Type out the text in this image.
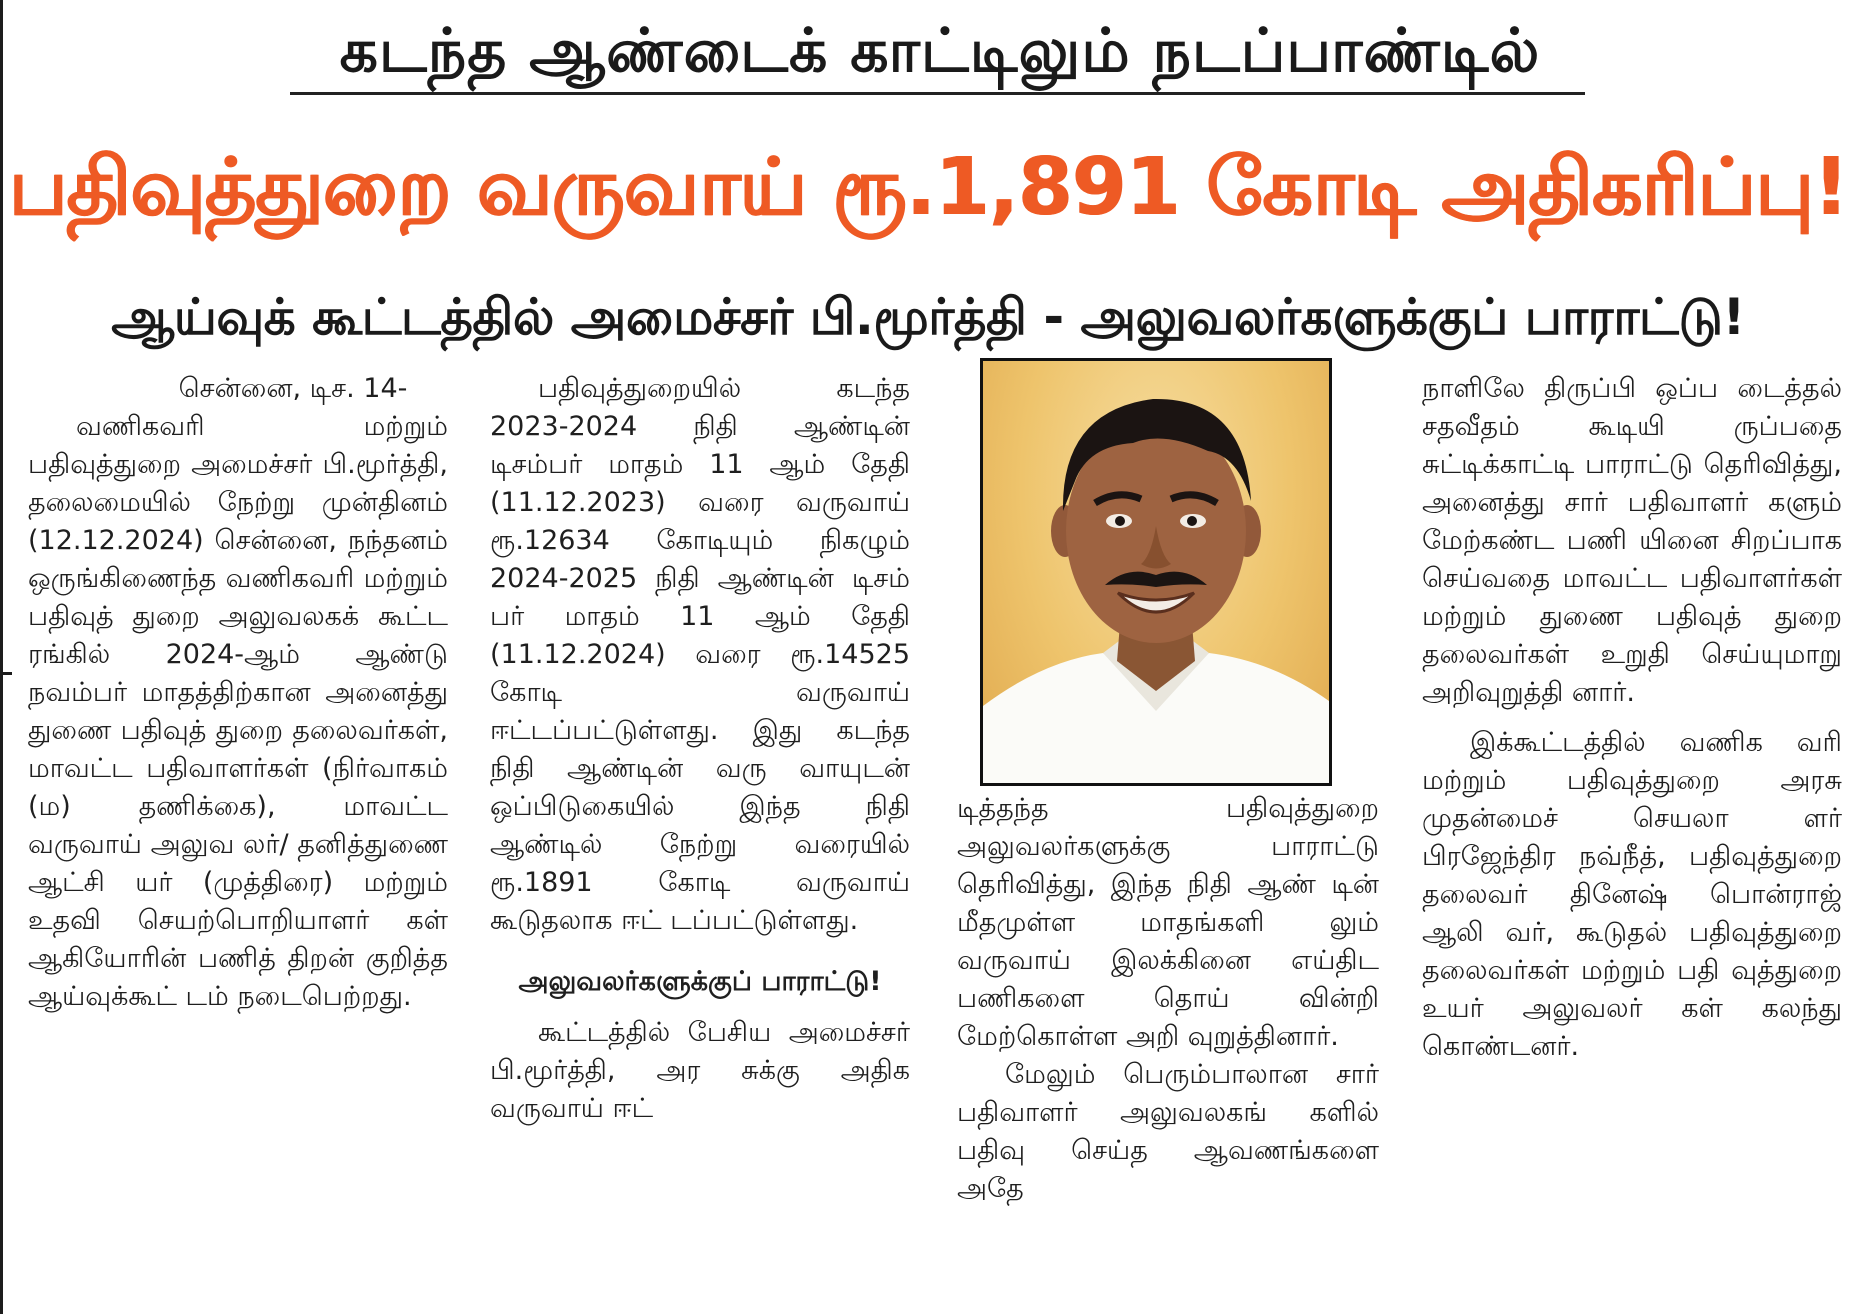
கடந்த ஆண்டைக் காட்டிலும் நடப்பாண்டில்
பதிவுத்துறை வருவாய் ரூ.1,891 கோடி அதிகரிப்பு!
ஆய்வுக் கூட்டத்தில் அமைச்சர் பி.மூர்த்தி - அலுவலர்களுக்குப் பாராட்டு!

சென்னை, டிச. 14-

வணிகவரி மற்றும் பதிவுத்துறை அமைச்சர் பி.மூர்த்தி, தலைமையில் நேற்று முன்தினம் (12.12.2024) சென்னை, நந்தனம் ஒருங்கிணைந்த வணிகவரி மற்றும் பதிவுத் துறை அலுவலகக் கூட்ட ரங்கில் 2024-ஆம் ஆண்டு நவம்பர் மாதத்திற்கான அனைத்து துணை பதிவுத் துறை தலைவர்கள், மாவட்ட பதிவாளர்கள் (நிர்வாகம் (ம) தணிக்கை), மாவட்ட வருவாய் அலுவ லர்/ தனித்துணை ஆட்சி யர் (முத்திரை) மற்றும் உதவி செயற்பொறியாளர் கள் ஆகியோரின் பணித் திறன் குறித்த ஆய்வுக்கூட் டம் நடைபெற்றது.

பதிவுத்துறையில் கடந்த 2023-2024 நிதி ஆண்டின் டிசம்பர் மாதம் 11 ஆம் தேதி (11.12.2023) வரை வருவாய் ரூ.12634 கோடியும் நிகழும் 2024-2025 நிதி ஆண்டின் டிசம் பர் மாதம் 11 ஆம் தேதி (11.12.2024) வரை ரூ.14525 கோடி வருவாய் ஈட்டப்பட்டுள்ளது. இது கடந்த நிதி ஆண்டின் வரு வாயுடன் ஒப்பிடுகையில் இந்த நிதி ஆண்டில் நேற்று வரையில் ரூ.1891 கோடி வருவாய் கூடுதலாக ஈட் டப்பட்டுள்ளது.

அலுவலர்களுக்குப் பாராட்டு!

கூட்டத்தில் பேசிய அமைச்சர் பி.மூர்த்தி, அர சுக்கு அதிக வருவாய் ஈட்

டித்தந்த பதிவுத்துறை அலுவலர்களுக்கு பாராட்டு தெரிவித்து, இந்த நிதி ஆண் டின் மீதமுள்ள மாதங்களி லும் வருவாய் இலக்கினை எய்திட பணிகளை தொய் வின்றி மேற்கொள்ள அறி வுறுத்தினார்.

மேலும் பெரும்பாலான சார் பதிவாளர் அலுவலகங் களில் பதிவு செய்த ஆவணங்களை அதே

நாளிலே திருப்பி ஒப்ப டைத்தல் சதவீதம் கூடியி ருப்பதை சுட்டிக்காட்டி பாராட்டு தெரிவித்து, அனைத்து சார் பதிவாளர் களும் மேற்கண்ட பணி யினை சிறப்பாக செய்வதை மாவட்ட பதிவாளர்கள் மற்றும் துணை பதிவுத் துறை தலைவர்கள் உறுதி செய்யுமாறு அறிவுறுத்தி னார்.

இக்கூட்டத்தில் வணிக வரி மற்றும் பதிவுத்துறை அரசு முதன்மைச் செயலா ளர் பிரஜேந்திர நவ்நீத், பதிவுத்துறை தலைவர் தினேஷ் பொன்ராஜ் ஆலி வர், கூடுதல் பதிவுத்துறை தலைவர்கள் மற்றும் பதி வுத்துறை உயர் அலுவலர் கள் கலந்து கொண்டனர்.
